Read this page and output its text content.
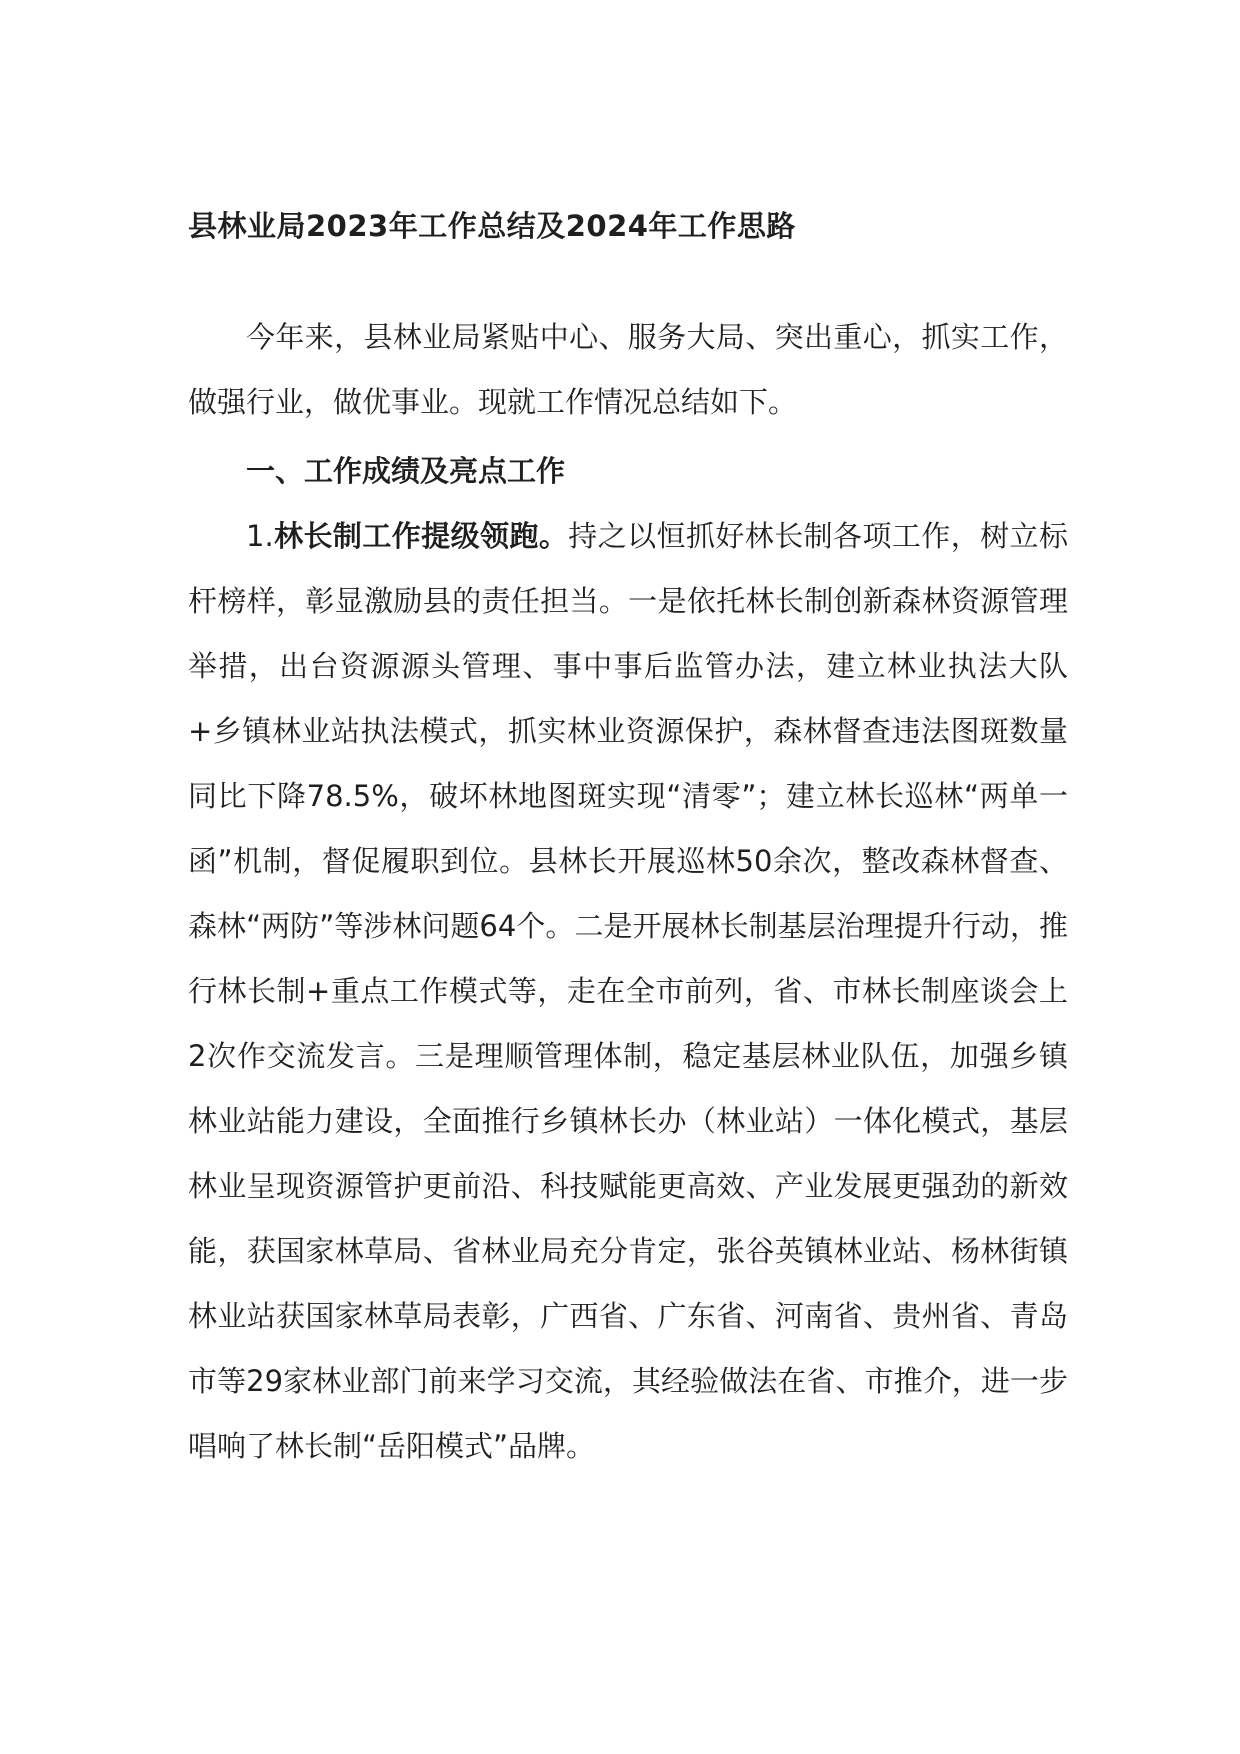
县林业局2023年工作总结及2024年工作思路

今年来，县林业局紧贴中心、服务大局、突出重心，抓实工作，做强行业，做优事业。现就工作情况总结如下。

一、工作成绩及亮点工作

1.林长制工作提级领跑。持之以恒抓好林长制各项工作，树立标杆榜样，彰显激励县的责任担当。一是依托林长制创新森林资源管理举措，出台资源源头管理、事中事后监管办法，建立林业执法大队+乡镇林业站执法模式，抓实林业资源保护，森林督查违法图斑数量同比下降78.5%，破坏林地图斑实现“清零”；建立林长巡林“两单一函”机制，督促履职到位。县林长开展巡林50余次，整改森林督查、森林“两防”等涉林问题64个。二是开展林长制基层治理提升行动，推行林长制+重点工作模式等，走在全市前列，省、市林长制座谈会上2次作交流发言。三是理顺管理体制，稳定基层林业队伍，加强乡镇林业站能力建设，全面推行乡镇林长办（林业站）一体化模式，基层林业呈现资源管护更前沿、科技赋能更高效、产业发展更强劲的新效能，获国家林草局、省林业局充分肯定，张谷英镇林业站、杨林街镇林业站获国家林草局表彰，广西省、广东省、河南省、贵州省、青岛市等29家林业部门前来学习交流，其经验做法在省、市推介，进一步唱响了林长制“岳阳模式”品牌。
